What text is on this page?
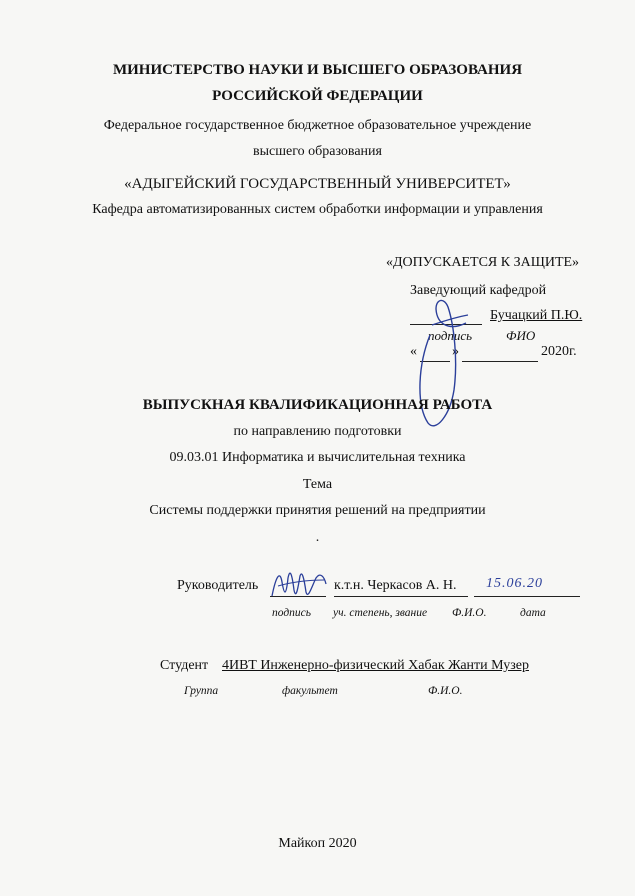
МИНИСТЕРСТВО НАУКИ И ВЫСШЕГО ОБРАЗОВАНИЯ
РОССИЙСКОЙ ФЕДЕРАЦИИ
Федеральное государственное бюджетное образовательное учреждение
высшего образования
«АДЫГЕЙСКИЙ ГОСУДАРСТВЕННЫЙ УНИВЕРСИТЕТ»
Кафедра автоматизированных систем обработки информации и управления
«ДОПУСКАЕТСЯ К ЗАЩИТЕ»
Заведующий кафедрой
Бучацкий П.Ю.
подпись	ФИО
«	»	2020г.
ВЫПУСКНАЯ КВАЛИФИКАЦИОННАЯ РАБОТА
по направлению подготовки
09.03.01 Информатика и вычислительная техника
Тема
Системы поддержки принятия решений на предприятии
.
Руководитель	к.т.н. Черкасов А. Н. 15.06.20
подпись уч. степень, звание Ф.И.О.	дата
Студент 4ИВТ Инженерно-физический Хабак Жанти Музер
Группа	факультет	Ф.И.О.
Майкоп 2020
